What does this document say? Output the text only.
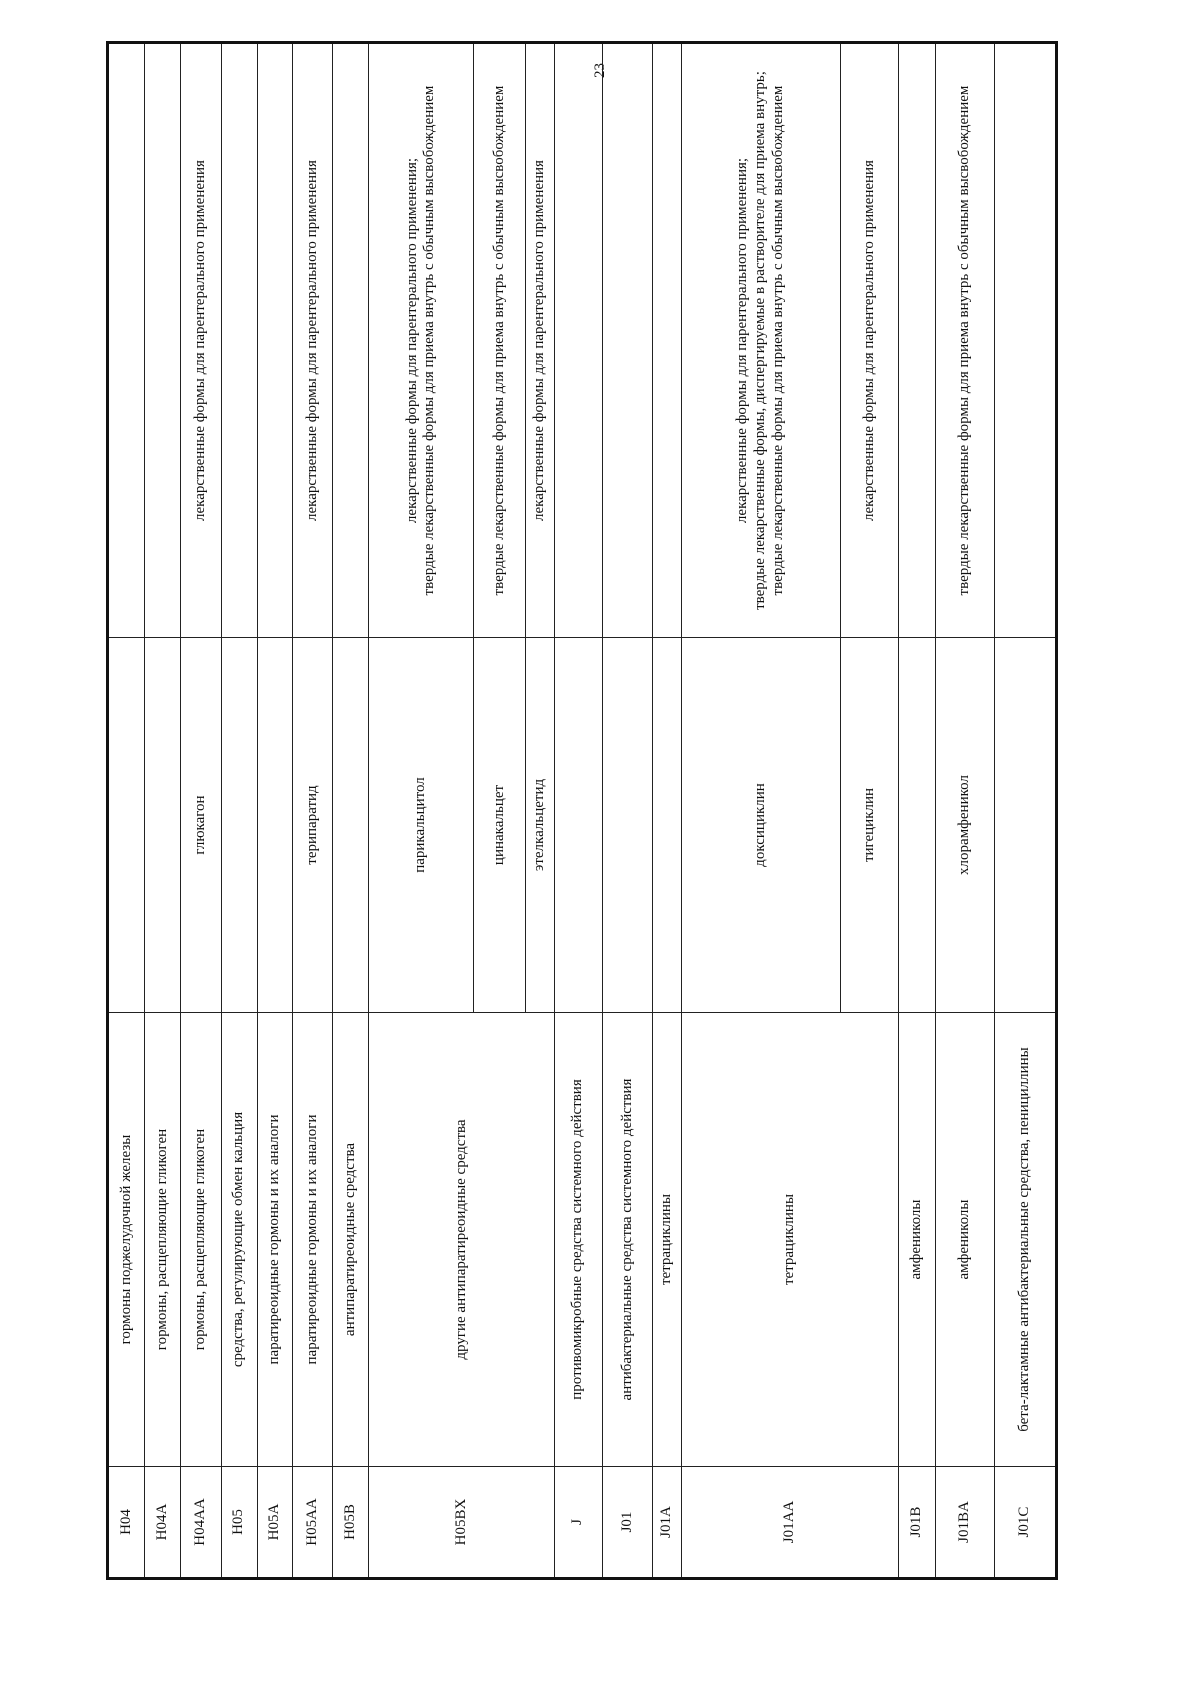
23
H04	гормоны поджелудочной железы		
H04A	гормоны, расщепляющие гликоген		
H04AA	гормоны, расщепляющие гликоген	глюкагон	лекарственные формы для парентерального применения

H05	средства, регулирующие обмен кальция		
H05A	паратиреоидные гормоны и их аналоги		
H05AA	паратиреоидные гормоны и их аналоги	терипаратид	лекарственные формы для парентерального применения

H05B	антипаратиреоидные средства		
H05BX	другие антипаратиреоидные средства	парикальцитол	лекарственные формы для парентерального применения; твердые лекарственные формы для приема внутрь с обычным высвобождением

		цинакальцет	твердые лекарственные формы для приема внутрь с обычным высвобождением

		этелкальцетид	лекарственные формы для парентерального применения

J	противомикробные средства системного действия		
J01	антибактериальные средства системного действия		
J01A	тетрациклины		
J01AA	тетрациклины	доксициклин	лекарственные формы для парентерального применения; твердые лекарственные формы, диспергируемые в растворителе для приема внутрь; твердые лекарственные формы для приема внутрь с обычным высвобождением

		тигециклин	лекарственные формы для парентерального применения

J01B	амфениколы		
J01BA	амфениколы	хлорамфеникол	твердые лекарственные формы для приема внутрь с обычным высвобождением

J01C	бета-лактамные антибактериальные средства, пенициллины		
